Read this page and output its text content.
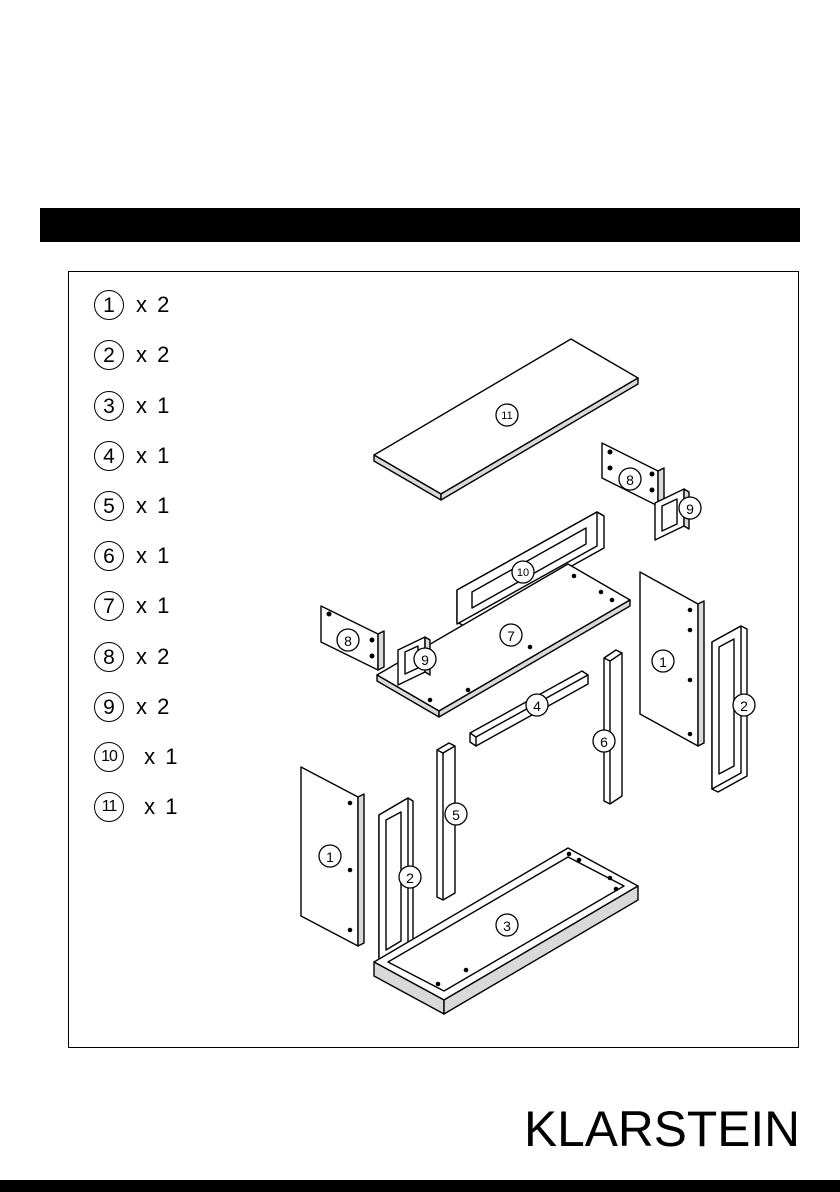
1 x 2
2 x 2
3 x 1
4 x 1
5 x 1
6 x 1
7 x 1
8 x 2
9 x 2
10 x 1
11 x 1
11
8
9
10
7
8
9	1
2
4
6
5
1
2
3
KLARSTEIN
